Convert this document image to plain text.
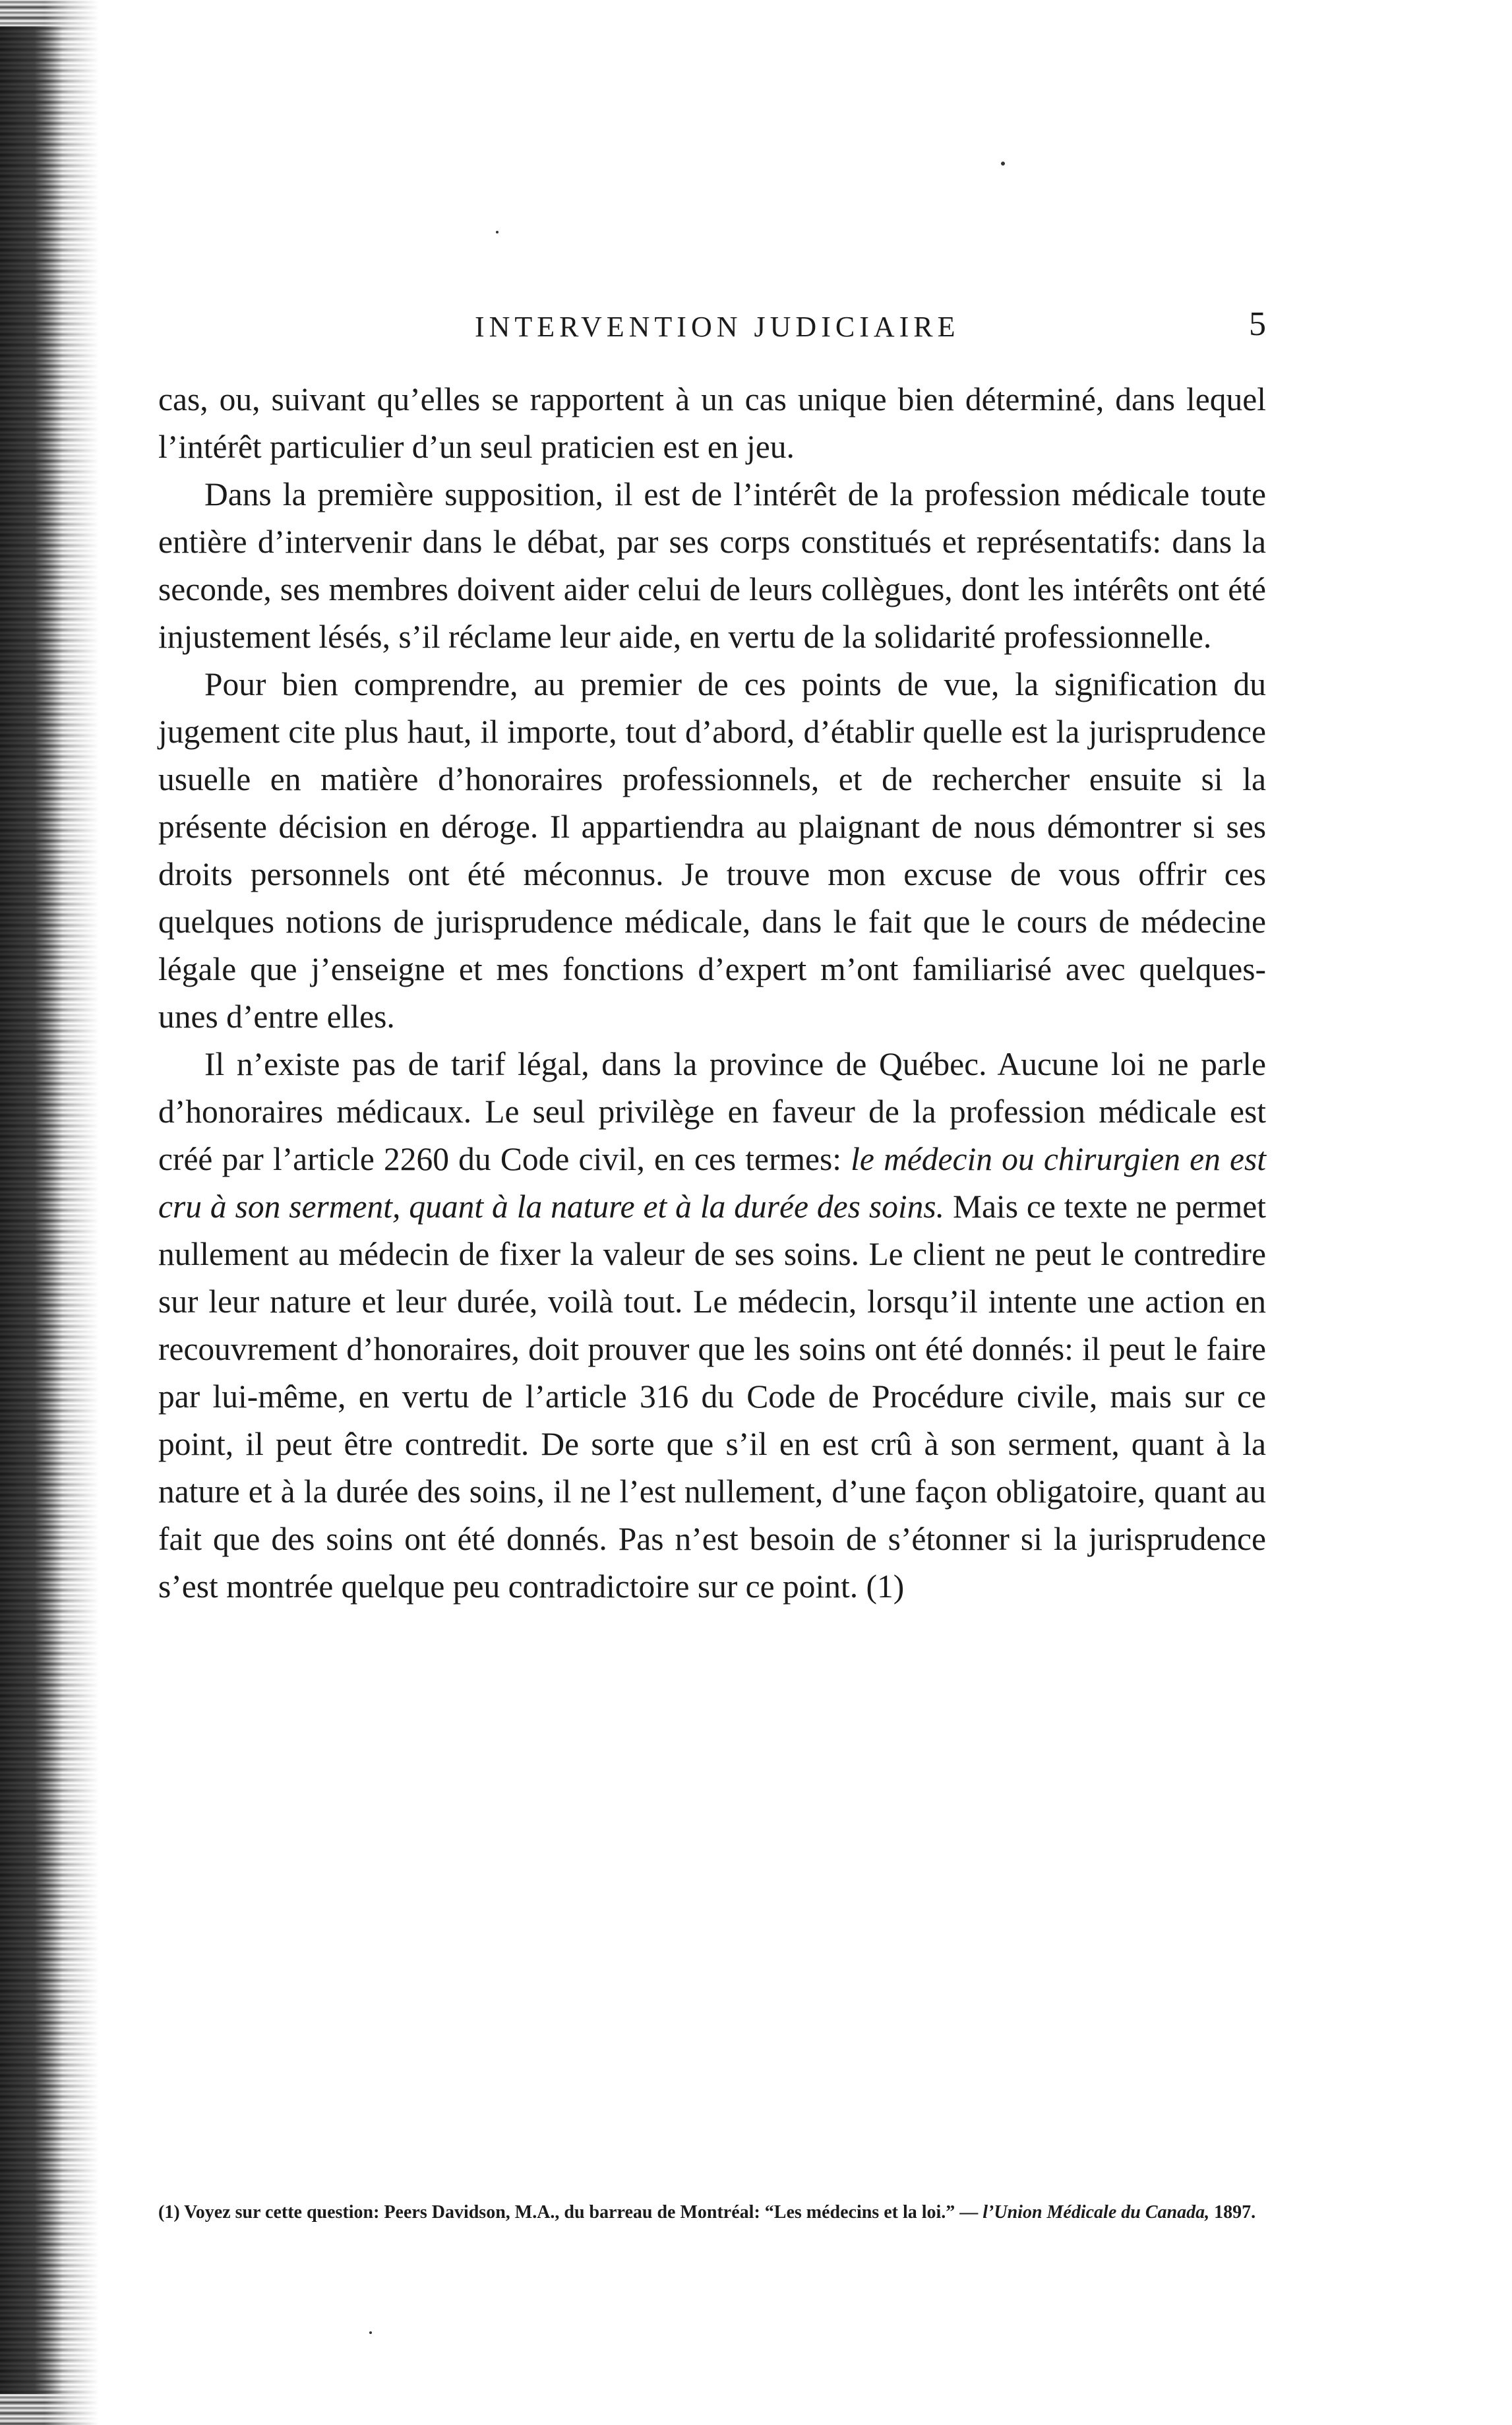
INTERVENTION JUDICIAIRE	5

cas, ou, suivant qu’elles se rapportent à un cas unique bien déterminé, dans lequel l’intérêt particulier d’un seul praticien est en jeu.

Dans la première supposition, il est de l’intérêt de la profession médicale toute entière d’intervenir dans le débat, par ses corps constitués et représentatifs: dans la seconde, ses membres doivent aider celui de leurs collègues, dont les intérêts ont été injustement lésés, s’il réclame leur aide, en vertu de la solidarité professionnelle.

Pour bien comprendre, au premier de ces points de vue, la signification du jugement cite plus haut, il importe, tout d’abord, d’établir quelle est la jurisprudence usuelle en matière d’honoraires professionnels, et de rechercher ensuite si la présente décision en déroge. Il appartiendra au plaignant de nous démontrer si ses droits personnels ont été méconnus. Je trouve mon excuse de vous offrir ces quelques notions de jurisprudence médicale, dans le fait que le cours de médecine légale que j’enseigne et mes fonctions d’expert m’ont familiarisé avec quelques-unes d’entre elles.

Il n’existe pas de tarif légal, dans la province de Québec. Aucune loi ne parle d’honoraires médicaux. Le seul privilège en faveur de la profession médicale est créé par l’article 2260 du Code civil, en ces termes: le médecin ou chirurgien en est cru à son serment, quant à la nature et à la durée des soins. Mais ce texte ne permet nullement au médecin de fixer la valeur de ses soins. Le client ne peut le contredire sur leur nature et leur durée, voilà tout. Le médecin, lorsqu’il intente une action en recouvrement d’honoraires, doit prouver que les soins ont été donnés: il peut le faire par lui-même, en vertu de l’article 316 du Code de Procédure civile, mais sur ce point, il peut être contredit. De sorte que s’il en est crû à son serment, quant à la nature et à la durée des soins, il ne l’est nullement, d’une façon obligatoire, quant au fait que des soins ont été donnés. Pas n’est besoin de s’étonner si la jurisprudence s’est montrée quelque peu contradictoire sur ce point. (1)

(1) Voyez sur cette question: Peers Davidson, M.A., du barreau de Montréal: “Les médecins et la loi.” — l’Union Médicale du Canada, 1897.
